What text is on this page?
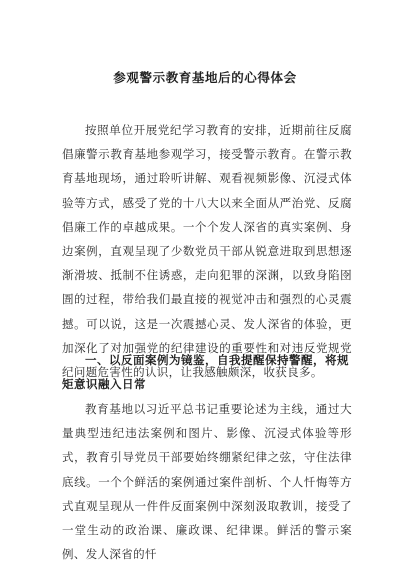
参观警示教育基地后的心得体会

按照单位开展党纪学习教育的安排，近期前往反腐倡廉警示教育基地参观学习，接受警示教育。在警示教育基地现场，通过聆听讲解、观看视频影像、沉浸式体验等方式，感受了党的十八大以来全面从严治党、反腐倡廉工作的卓越成果。一个个发人深省的真实案例、身边案例，直观呈现了少数党员干部从锐意进取到思想逐渐滑坡、抵制不住诱惑，走向犯罪的深渊，以致身陷囹圄的过程，带给我们最直接的视觉冲击和强烈的心灵震撼。可以说，这是一次震撼心灵、发人深省的体验，更加深化了对加强党的纪律建设的重要性和对违反党规党纪问题危害性的认识，让我感触颇深，收获良多。

一、以反面案例为镜鉴，自我提醒保持警醒，将规矩意识融入日常

教育基地以习近平总书记重要论述为主线，通过大量典型违纪违法案例和图片、影像、沉浸式体验等形式，教育引导党员干部要始终绷紧纪律之弦，守住法律底线。一个个鲜活的案例通过案件剖析、个人忏悔等方式直观呈现从一件件反面案例中深刻汲取教训，接受了一堂生动的政治课、廉政课、纪律课。鲜活的警示案例、发人深省的忏
